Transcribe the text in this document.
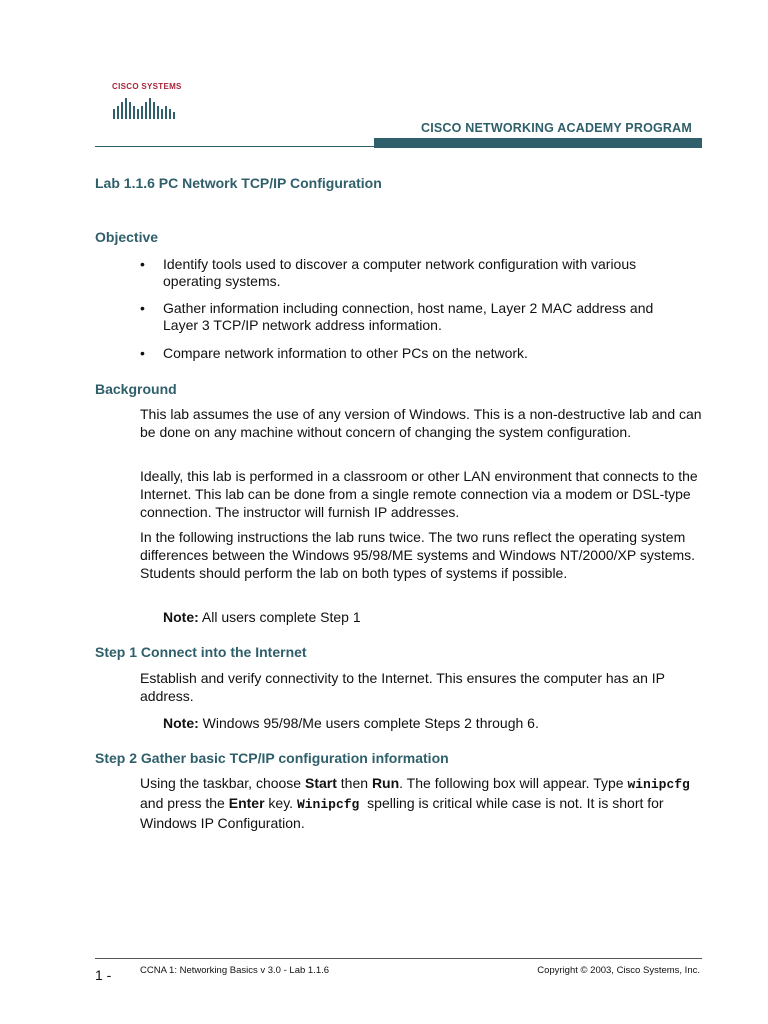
CISCO SYSTEMS
CISCO NETWORKING ACADEMY PROGRAM
Lab 1.1.6 PC Network TCP/IP Configuration
Objective
• Identify tools used to discover a computer network configuration with various operating systems.
• Gather information including connection, host name, Layer 2 MAC address and Layer 3 TCP/IP network address information.
• Compare network information to other PCs on the network.
Background
This lab assumes the use of any version of Windows. This is a non-destructive lab and can be done on any machine without concern of changing the system configuration.
Ideally, this lab is performed in a classroom or other LAN environment that connects to the Internet. This lab can be done from a single remote connection via a modem or DSL-type connection. The instructor will furnish IP addresses.
In the following instructions the lab runs twice. The two runs reflect the operating system differences between the Windows 95/98/ME systems and Windows NT/2000/XP systems. Students should perform the lab on both types of systems if possible.
Note: All users complete Step 1
Step 1 Connect into the Internet
Establish and verify connectivity to the Internet. This ensures the computer has an IP address.
Note: Windows 95/98/Me users complete Steps 2 through 6.
Step 2 Gather basic TCP/IP configuration information
Using the taskbar, choose Start then Run. The following box will appear. Type winipcfg  and press the Enter key. Winipcfg  spelling is critical while case is not. It is short for Windows IP Configuration.
1 -	CCNA 1: Networking Basics v 3.0 - Lab 1.1.6	Copyright © 2003, Cisco Systems, Inc.
